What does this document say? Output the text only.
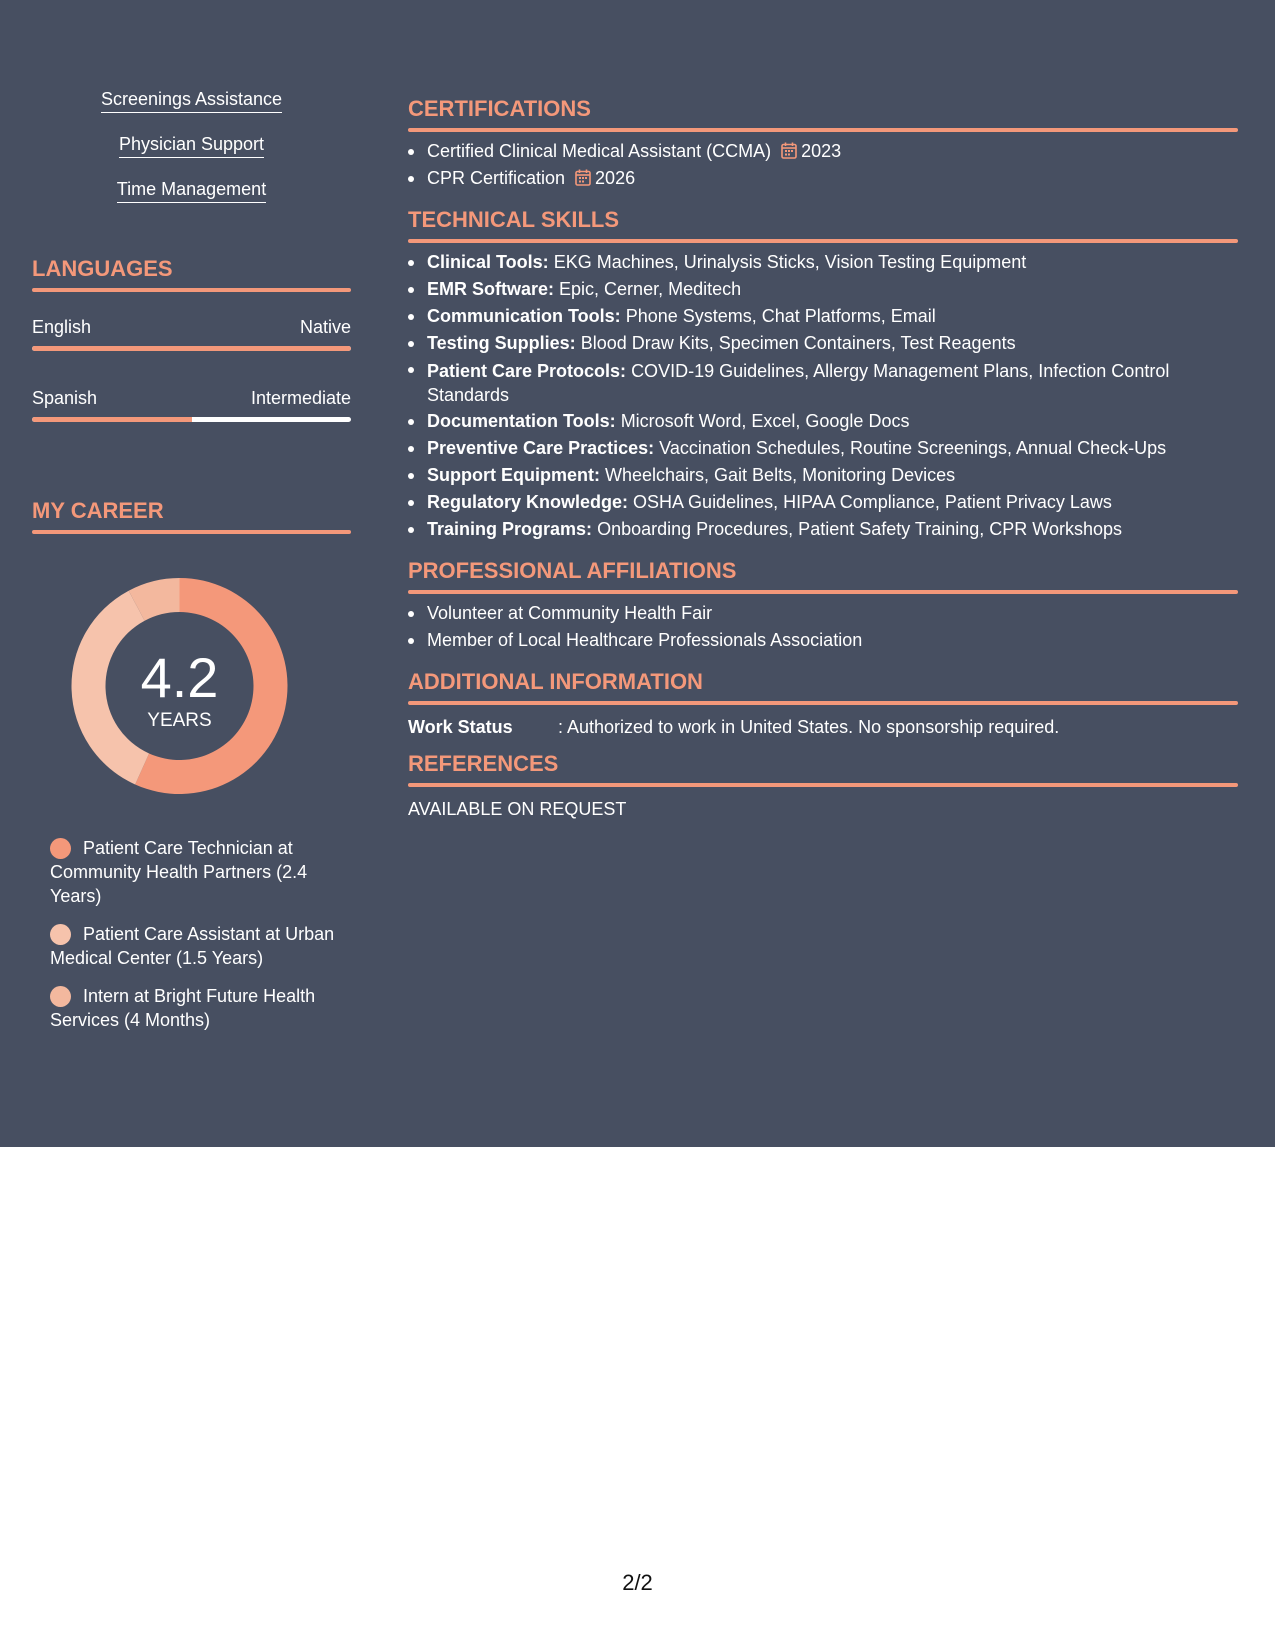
Screenings Assistance
Physician Support
Time Management
LANGUAGES
English	Native
Spanish	Intermediate
MY CAREER
4.2
YEARS
Patient Care Technician at Community Health Partners (2.4 Years)
Patient Care Assistant at Urban Medical Center (1.5 Years)
Intern at Bright Future Health Services (4 Months)
CERTIFICATIONS
Certified Clinical Medical Assistant (CCMA) 2023
CPR Certification 2026
TECHNICAL SKILLS
Clinical Tools: EKG Machines, Urinalysis Sticks, Vision Testing Equipment
EMR Software: Epic, Cerner, Meditech
Communication Tools: Phone Systems, Chat Platforms, Email
Testing Supplies: Blood Draw Kits, Specimen Containers, Test Reagents
Patient Care Protocols: COVID-19 Guidelines, Allergy Management Plans, Infection Control Standards
Documentation Tools: Microsoft Word, Excel, Google Docs
Preventive Care Practices: Vaccination Schedules, Routine Screenings, Annual Check-Ups
Support Equipment: Wheelchairs, Gait Belts, Monitoring Devices
Regulatory Knowledge: OSHA Guidelines, HIPAA Compliance, Patient Privacy Laws
Training Programs: Onboarding Procedures, Patient Safety Training, CPR Workshops
PROFESSIONAL AFFILIATIONS
Volunteer at Community Health Fair
Member of Local Healthcare Professionals Association
ADDITIONAL INFORMATION
Work Status	: Authorized to work in United States. No sponsorship required.
REFERENCES
AVAILABLE ON REQUEST
2/2
